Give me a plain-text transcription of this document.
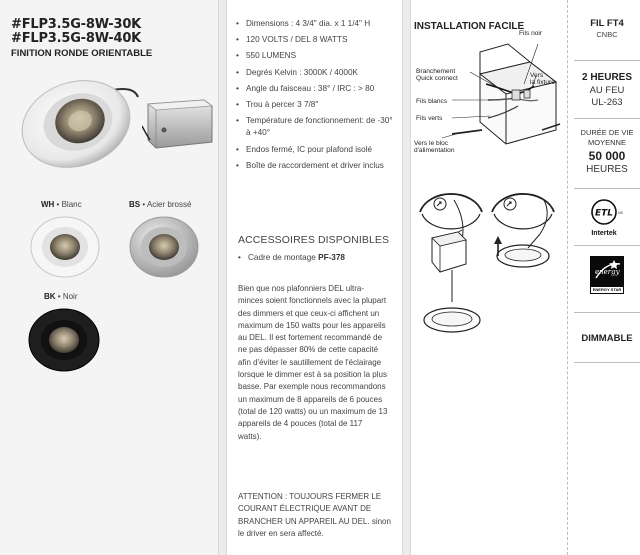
#FLP3.5G-8W-30K
#FLP3.5G-8W-40K
FINITION RONDE ORIENTABLE
WH • Blanc	BS • Acier brossé
BK • Noir
• Dimensions : 4 3/4" dia. x 1 1/4" H
• 120 VOLTS / DEL 8 WATTS
• 550 LUMENS
• Degrés Kelvin : 3000K / 4000K
• Angle du faisceau : 38° / IRC : > 80
• Trou à percer 3 7/8"
• Température de fonctionnement: de -30° à +40°
• Endos fermé, IC pour plafond isolé
• Boîte de raccordement et driver inclus
ACCESSOIRES DISPONIBLES
• Cadre de montage PF-378
Bien que nos plafonniers DEL ultra-minces soient fonctionnels avec la plupart des dimmers et que ceux-ci affichent un maximum de 150 watts pour les appareils au DEL. Il est fortement recommandé de ne pas dépasser 80% de cette capacité afin d'éviter le sautillement de l'éclairage lorsque le dimmer est à sa position la plus basse. Par exemple nous recommandons un maximum de 8 appareils de 6 pouces (total de 120 watts) ou un maximum de 13 appareils de 4 pouces (total de 117 watts).
ATTENTION : TOUJOURS FERMER LE COURANT ÉLECTRIQUE AVANT DE BRANCHER UN APPAREIL AU DEL. sinon le driver en sera affecté.
INSTALLATION FACILE
Fils noir
Vers
la fixture
Branchement
Quick connect
Fils blancs
Fils verts
Vers le bloc
d'alimentation
FIL FT4
CNBC
2 HEURES
AU FEU
UL-263
DURÉE DE VIE
MOYENNE
50 000
HEURES
ETL
c	US
Intertek
energy
ENERGY STAR
DIMMABLE
